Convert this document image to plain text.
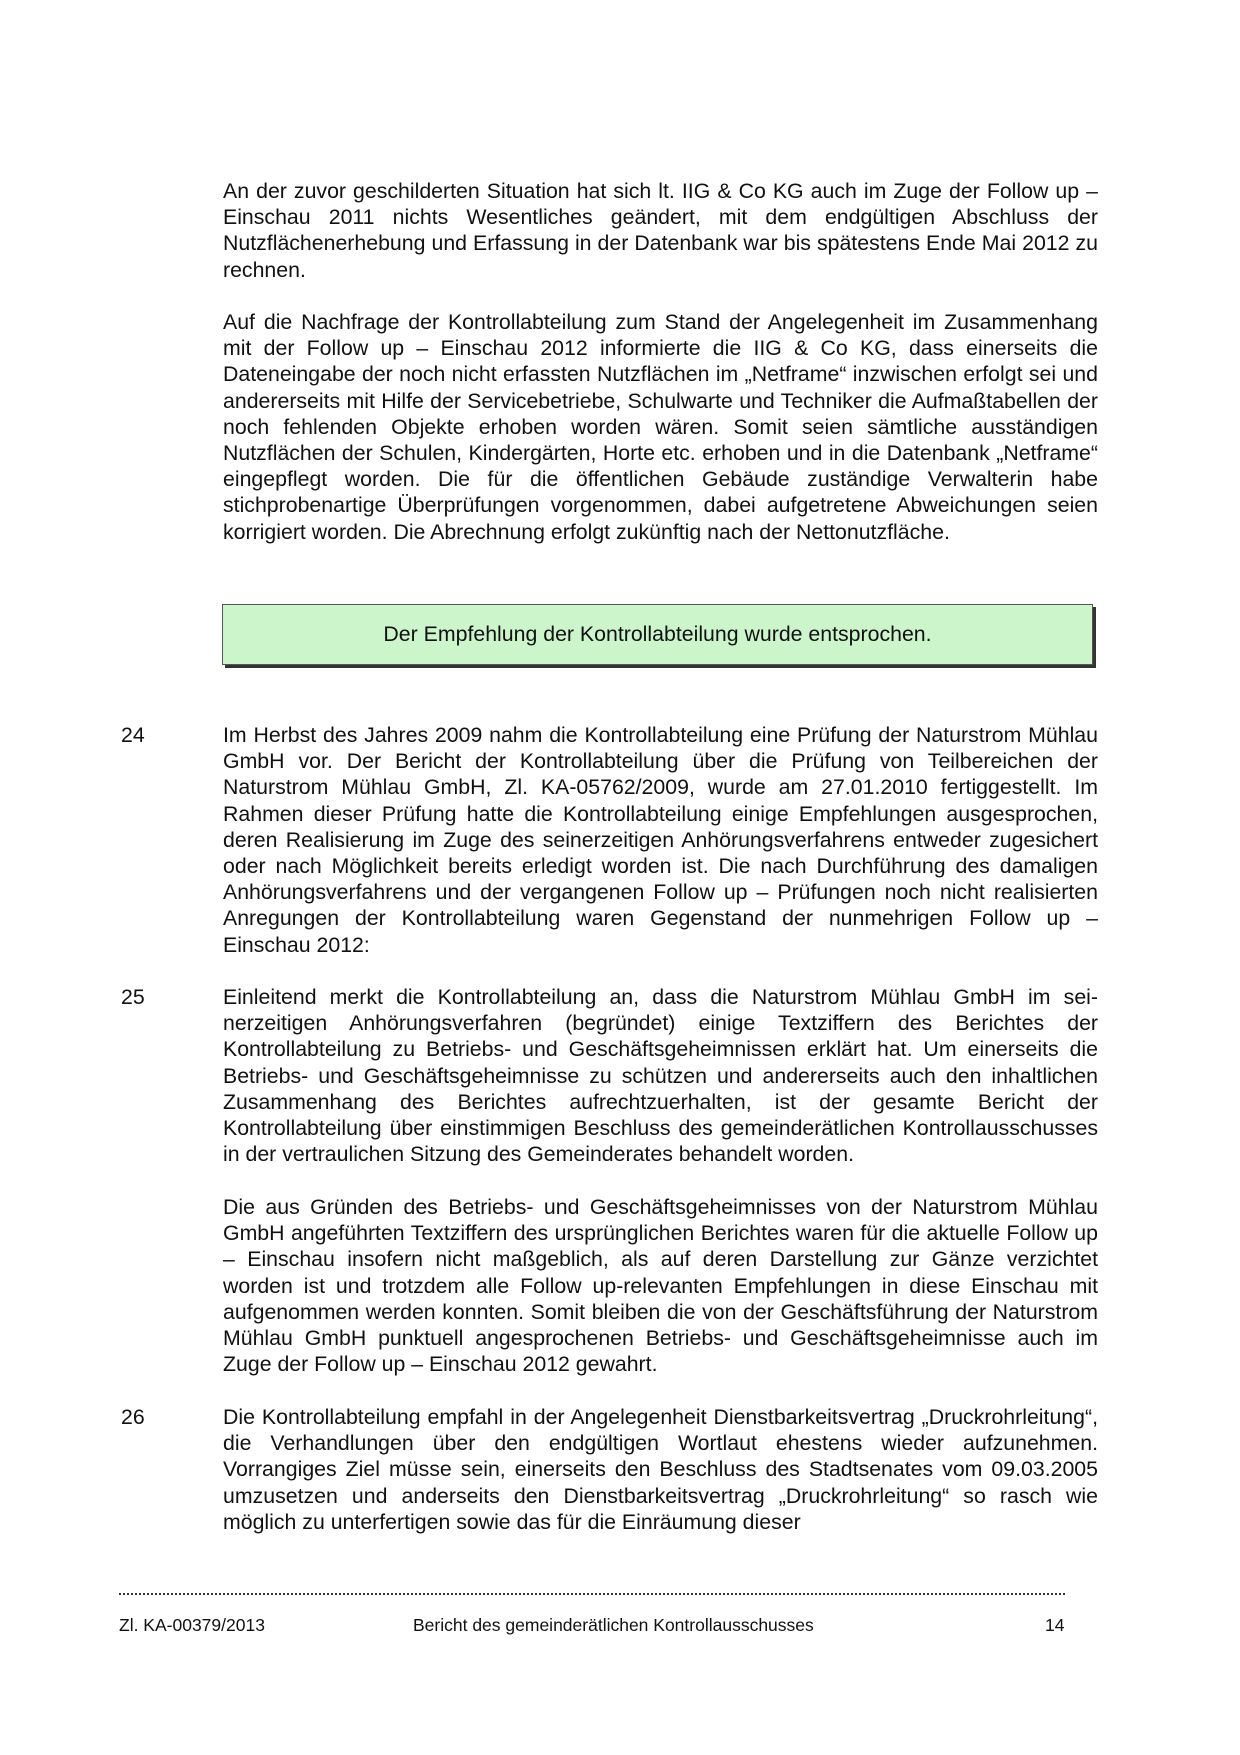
An der zuvor geschilderten Situation hat sich lt. IIG & Co KG auch im Zuge der Follow up – Einschau 2011 nichts Wesentliches geändert, mit dem endgültigen Abschluss der Nutzflächenerhebung und Erfassung in der Datenbank war bis spätestens Ende Mai 2012 zu rechnen.

Auf die Nachfrage der Kontrollabteilung zum Stand der Angelegenheit im Zusammenhang mit der Follow up – Einschau 2012 informierte die IIG & Co KG, dass einerseits die Dateneingabe der noch nicht erfassten Nutzflächen im „Netframe“ inzwischen erfolgt sei und andererseits mit Hilfe der Servicebetriebe, Schulwarte und Techniker die Aufmaßtabellen der noch fehlenden Objekte erhoben worden wären. Somit seien sämtliche ausständigen Nutzflächen der Schulen, Kindergärten, Horte etc. erhoben und in die Datenbank „Netframe“ eingepflegt worden. Die für die öffentlichen Gebäude zuständige Verwalterin habe stichprobenartige Überprüfungen vorgenommen, dabei aufgetretene Abweichungen seien korrigiert worden. Die Abrechnung erfolgt zukünftig nach der Nettonutzfläche.

Der Empfehlung der Kontrollabteilung wurde entsprochen.
24	Im Herbst des Jahres 2009 nahm die Kontrollabteilung eine Prüfung der Naturstrom Mühlau GmbH vor. Der Bericht der Kontrollabteilung über die Prüfung von Teilbereichen der Naturstrom Mühlau GmbH, Zl. KA-05762/2009, wurde am 27.01.2010 fertiggestellt. Im Rahmen dieser Prüfung hatte die Kontrollabteilung einige Empfehlungen ausgesprochen, deren Realisierung im Zuge des seinerzeitigen Anhörungsverfahrens entweder zugesichert oder nach Möglichkeit bereits erledigt worden ist. Die nach Durchführung des damaligen Anhörungsverfahrens und der vergangenen Follow up – Prüfungen noch nicht realisierten Anregungen der Kontrollabteilung waren Gegenstand der nunmehrigen Follow up – Einschau 2012:

25	Einleitend merkt die Kontrollabteilung an, dass die Naturstrom Mühlau GmbH im seinerzeitigen Anhörungsverfahren (begründet) einige Textziffern des Berichtes der Kontrollabteilung zu Betriebs- und Geschäftsgeheimnissen erklärt hat. Um einerseits die Betriebs- und Geschäftsgeheimnisse zu schützen und andererseits auch den inhaltlichen Zusammenhang des Berichtes aufrechtzuerhalten, ist der gesamte Bericht der Kontrollabteilung über einstimmigen Beschluss des gemeinderätlichen Kontrollausschusses in der vertraulichen Sitzung des Gemeinderates behandelt worden.

Die aus Gründen des Betriebs- und Geschäftsgeheimnisses von der Naturstrom Mühlau GmbH angeführten Textziffern des ursprünglichen Berichtes waren für die aktuelle Follow up – Einschau insofern nicht maßgeblich, als auf deren Darstellung zur Gänze verzichtet worden ist und trotzdem alle Follow up-relevanten Empfehlungen in diese Einschau mit aufgenommen werden konnten. Somit bleiben die von der Geschäftsführung der Naturstrom Mühlau GmbH punktuell angesprochenen Betriebs- und Geschäftsgeheimnisse auch im Zuge der Follow up – Einschau 2012 gewahrt.

26	Die Kontrollabteilung empfahl in der Angelegenheit Dienstbarkeitsvertrag „Druckrohrleitung“, die Verhandlungen über den endgültigen Wortlaut ehestens wieder aufzunehmen. Vorrangiges Ziel müsse sein, einerseits den Beschluss des Stadtsenates vom 09.03.2005 umzusetzen und anderseits den Dienstbarkeitsvertrag „Druckrohrleitung“ so rasch wie möglich zu unterfertigen sowie das für die Einräumung dieser

Zl. KA-00379/2013	Bericht des gemeinderätlichen Kontrollausschusses	14
